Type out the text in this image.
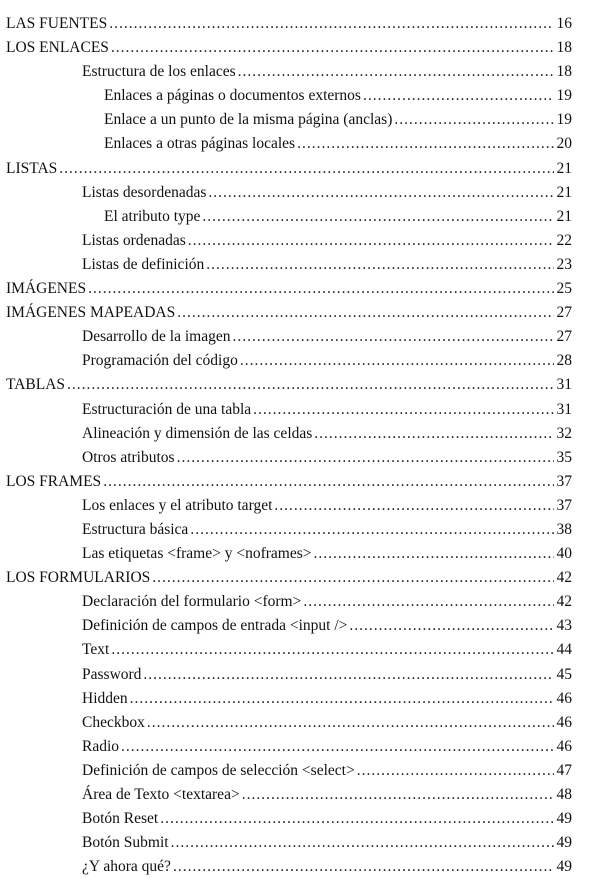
LAS FUENTES .....	16
LOS ENLACES .....	18
Estructura de los enlaces .....	18
Enlaces a páginas o documentos externos .....	19
Enlace a un punto de la misma página (anclas) .....	19
Enlaces a otras páginas locales .....	20
LISTAS .....	21
Listas desordenadas .....	21
El atributo type .....	21
Listas ordenadas .....	22
Listas de definición .....	23
IMÁGENES .....	25
IMÁGENES MAPEADAS .....	27
Desarrollo de la imagen .....	27
Programación del código .....	28
TABLAS .....	31
Estructuración de una tabla .....	31
Alineación y dimensión de las celdas .....	32
Otros atributos .....	35
LOS FRAMES .....	37
Los enlaces y el atributo target .....	37
Estructura básica .....	38
Las etiquetas <frame> y <noframes> .....	40
LOS FORMULARIOS .....	42
Declaración del formulario <form> .....	42
Definición de campos de entrada <input /> .....	43
Text .....	44
Password .....	45
Hidden .....	46
Checkbox .....	46
Radio .....	46
Definición de campos de selección <select> .....	47
Área de Texto <textarea> .....	48
Botón Reset .....	49
Botón Submit .....	49
¿Y ahora qué? .....	49
